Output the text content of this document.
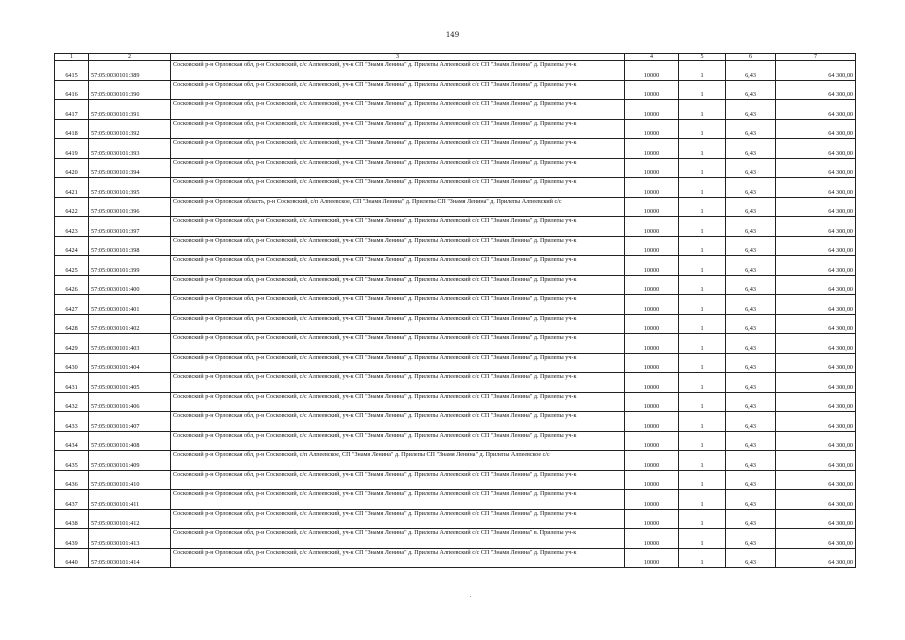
149
1	2	3	4	5	6	7
6415	57:05:0030101:389	Сосковский р-н Орловская обл, р-н Сосковский, с/с Алпеевский, уч-к СП "Знамя Ленина" д. Прилепы Алпеевский с/с СП "Знамя Ленина" д. Прилепы уч-к	10000	1	6,43	64 300,00
6416	57:05:0030101:390	Сосковский р-н Орловская обл, р-н Сосковский, с/с Алпеевский, уч-к СП "Знамя Ленина" д. Прилепы Алпеевский с/с СП "Знамя Ленина" д. Прилепы уч-к	10000	1	6,43	64 300,00
6417	57:05:0030101:391	Сосковский р-н Орловская обл, р-н Сосковский, с/с Алпеевский, уч-к СП "Знамя Ленина" д. Прилепы Алпеевский с/с СП "Знамя Ленина" д. Прилепы уч-к	10000	1	6,43	64 300,00
6418	57:05:0030101:392	Сосковский р-н Орловская обл, р-н Сосковский, с/с Алпеевский, уч-к СП "Знамя Ленина" д. Прилепы Алпеевский с/с СП "Знамя Ленина" д. Прилепы уч-к	10000	1	6,43	64 300,00
6419	57:05:0030101:393	Сосковский р-н Орловская обл, р-н Сосковский, с/с Алпеевский, уч-к СП "Знамя Ленина" д. Прилепы Алпеевский с/с СП "Знамя Ленина" д. Прилепы уч-к	10000	1	6,43	64 300,00
6420	57:05:0030101:394	Сосковский р-н Орловская обл, р-н Сосковский, с/с Алпеевский, уч-к СП "Знамя Ленина" д. Прилепы Алпеевский с/с СП "Знамя Ленина" д. Прилепы уч-к	10000	1	6,43	64 300,00
6421	57:05:0030101:395	Сосковский р-н Орловская обл, р-н Сосковский, с/с Алпеевский, уч-к СП "Знамя Ленина" д. Прилепы Алпеевский с/с СП "Знамя Ленина" д. Прилепы уч-к	10000	1	6,43	64 300,00
6422	57:05:0030101:396	Сосковский р-н Орловская область, р-н Сосковский, с/п Алпеевское, СП "Знамя Ленина" д. Прилепы СП "Знамя Ленина" д. Прилепы Алпеевский с/с	10000	1	6,43	64 300,00
6423	57:05:0030101:397	Сосковский р-н Орловская обл, р-н Сосковский, с/с Алпеевский, уч-к СП "Знамя Ленина" д. Прилепы Алпеевский с/с СП "Знамя Ленина" д. Прилепы уч-к	10000	1	6,43	64 300,00
6424	57:05:0030101:398	Сосковский р-н Орловская обл, р-н Сосковский, с/с Алпеевский, уч-к СП "Знамя Ленина" д. Прилепы Алпеевский с/с СП "Знамя Ленина" д. Прилепы уч-к	10000	1	6,43	64 300,00
6425	57:05:0030101:399	Сосковский р-н Орловская обл, р-н Сосковский, с/с Алпеевский, уч-к СП "Знамя Ленина" д. Прилепы Алпеевский с/с СП "Знамя Ленина" д. Прилепы уч-к	10000	1	6,43	64 300,00
6426	57:05:0030101:400	Сосковский р-н Орловская обл, р-н Сосковский, с/с Алпеевский, уч-к СП "Знамя Ленина" д. Прилепы Алпеевский с/с СП "Знамя Ленина" д. Прилепы уч-к	10000	1	6,43	64 300,00
6427	57:05:0030101:401	Сосковский р-н Орловская обл, р-н Сосковский, с/с Алпеевский, уч-к СП "Знамя Ленина" д. Прилепы Алпеевский с/с СП "Знамя Ленина" д. Прилепы уч-к	10000	1	6,43	64 300,00
6428	57:05:0030101:402	Сосковский р-н Орловская обл, р-н Сосковский, с/с Алпеевский, уч-к СП "Знамя Ленина" д. Прилепы Алпеевский с/с СП "Знамя Ленина" д. Прилепы уч-к	10000	1	6,43	64 300,00
6429	57:05:0030101:403	Сосковский р-н Орловская обл, р-н Сосковский, с/с Алпеевский, уч-к СП "Знамя Ленина" д. Прилепы Алпеевский с/с СП "Знамя Ленина" д. Прилепы уч-к	10000	1	6,43	64 300,00
6430	57:05:0030101:404	Сосковский р-н Орловская обл, р-н Сосковский, с/с Алпеевский, уч-к СП "Знамя Ленина" д. Прилепы Алпеевский с/с СП "Знамя Ленина" д. Прилепы уч-к	10000	1	6,43	64 300,00
6431	57:05:0030101:405	Сосковский р-н Орловская обл, р-н Сосковский, с/с Алпеевский, уч-к СП "Знамя Ленина" д. Прилепы Алпеевский с/с СП "Знамя Ленина" д. Прилепы уч-к	10000	1	6,43	64 300,00
6432	57:05:0030101:406	Сосковский р-н Орловская обл, р-н Сосковский, с/с Алпеевский, уч-к СП "Знамя Ленина" д. Прилепы Алпеевский с/с СП "Знамя Ленина" д. Прилепы уч-к	10000	1	6,43	64 300,00
6433	57:05:0030101:407	Сосковский р-н Орловская обл, р-н Сосковский, с/с Алпеевский, уч-к СП "Знамя Ленина" д. Прилепы Алпеевский с/с СП "Знамя Ленина" д. Прилепы уч-к	10000	1	6,43	64 300,00
6434	57:05:0030101:408	Сосковский р-н Орловская обл, р-н Сосковский, с/с Алпеевский, уч-к СП "Знамя Ленина" д. Прилепы Алпеевский с/с СП "Знамя Ленина" д. Прилепы уч-к	10000	1	6,43	64 300,00
6435	57:05:0030101:409	Сосковский р-н Орловская обл, р-н Сосковский, с/п Алпеевское, СП "Знамя Ленина" д. Прилепы СП "Знамя Ленина" д. Прилепы Алпеевское с/с	10000	1	6,43	64 300,00
6436	57:05:0030101:410	Сосковский р-н Орловская обл, р-н Сосковский, с/с Алпеевский, уч-к СП "Знамя Ленина" д. Прилепы Алпеевский с/с СП "Знамя Ленина" д. Прилепы уч-к	10000	1	6,43	64 300,00
6437	57:05:0030101:411	Сосковский р-н Орловская обл, р-н Сосковский, с/с Алпеевский, уч-к СП "Знамя Ленина" д. Прилепы Алпеевский с/с СП "Знамя Ленина" д. Прилепы уч-к	10000	1	6,43	64 300,00
6438	57:05:0030101:412	Сосковский р-н Орловская обл, р-н Сосковский, с/с Алпеевский, уч-к СП "Знамя Ленина" д. Прилепы Алпеевский с/с СП "Знамя Ленина" д. Прилепы уч-к	10000	1	6,43	64 300,00
6439	57:05:0030101:413	Сосковский р-н Орловская обл, р-н Сосковский, с/с Алпеевский, уч-к СП "Знамя Ленина" д. Прилепы Алпеевский с/с СП "Знамя Ленина" в. Прилепы уч-к	10000	1	6,43	64 300,00
6440	57:05:0030101:414	Сосковский р-н Орловская обл, р-н Сосковский, с/с Алпеевский, уч-к СП "Знамя Ленина" д. Прилепы Алпеевский с/с СП "Знамя Ленина" д. Прилепы уч-к	10000	1	6,43	64 300,00
